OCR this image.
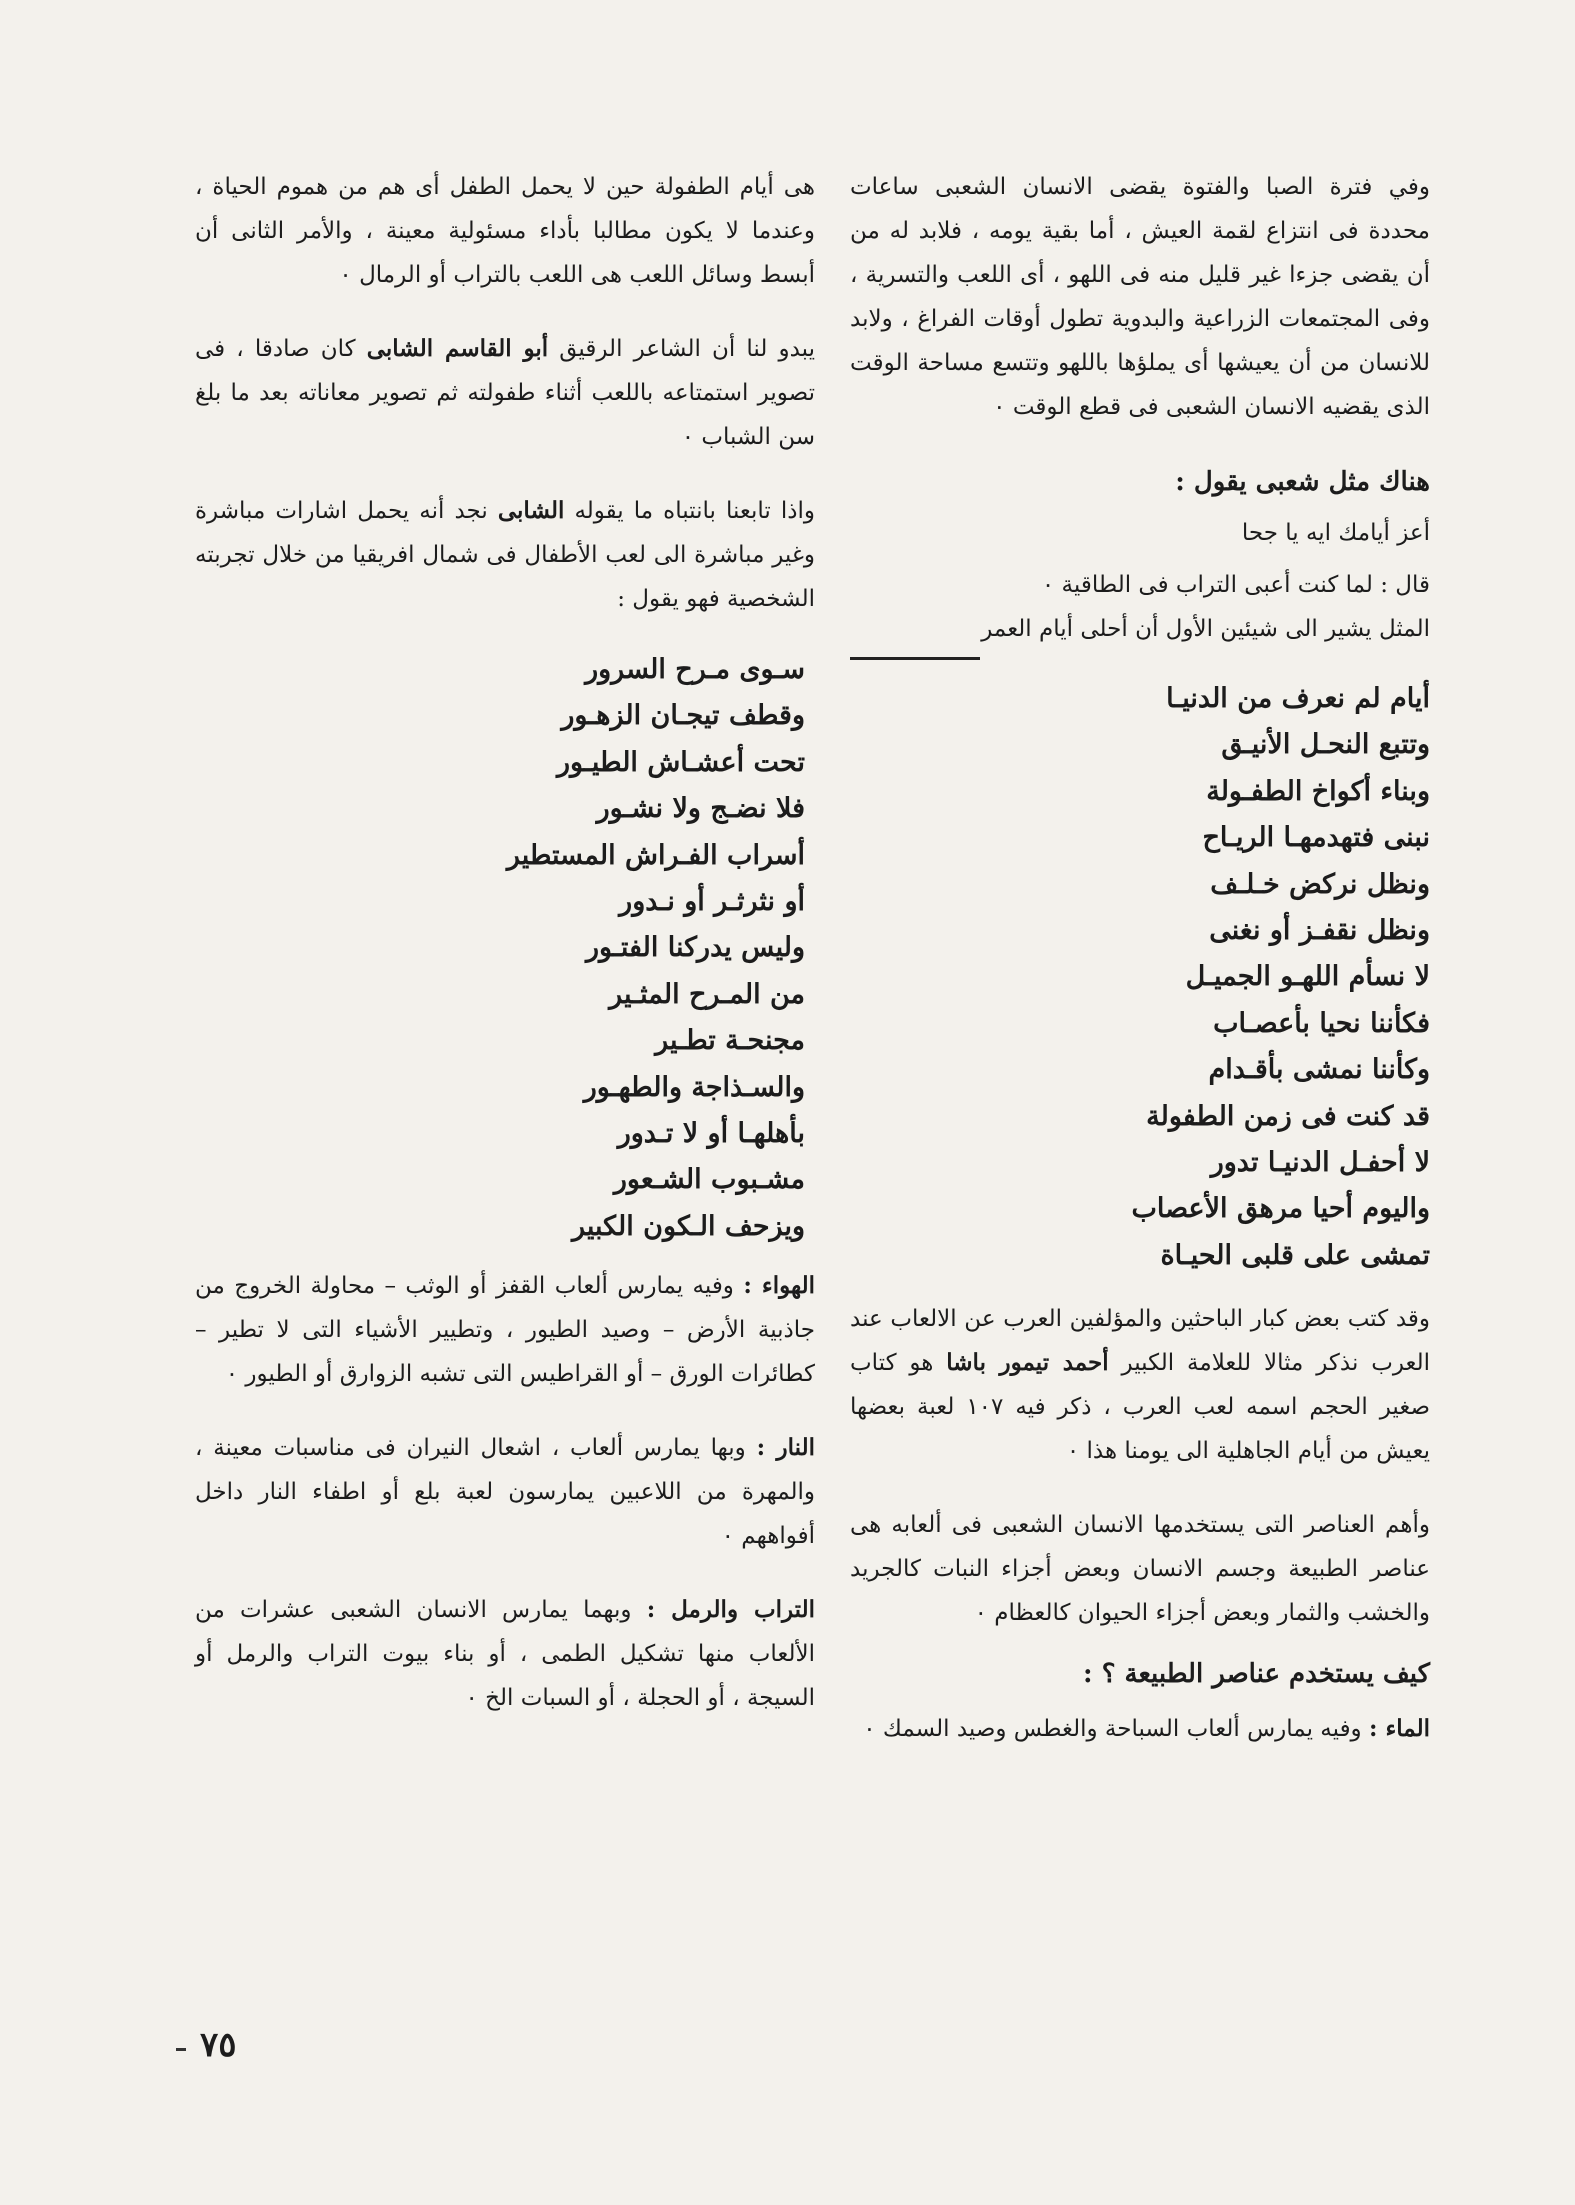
وفي فترة الصبا والفتوة يقضى الانسان الشعبى ساعات محددة فى انتزاع لقمة العيش ، أما بقية يومه ، فلابد له من أن يقضى جزءا غير قليل منه فى اللهو ، أى اللعب والتسرية ، وفى المجتمعات الزراعية والبدوية تطول أوقات الفراغ ، ولابد للانسان من أن يعيشها أى يملؤها باللهو وتتسع مساحة الوقت الذى يقضيه الانسان الشعبى فى قطع الوقت ٠

هناك مثل شعبى يقول :

أعز أيامك ايه يا جحا

قال : لما كنت أعبى التراب فى الطاقية ٠

المثل يشير الى شيئين الأول أن أحلى أيام العمر

أيام لم نعرف من الدنيـا
وتتبع النحـل الأنيـق
وبناء أكواخ الطفـولة
نبنى فتهدمهـا الريـاح
ونظل نركض خـلـف
ونظل نقفـز أو نغنى
لا نسأم اللهـو الجميـل
فكأننا نحيا بأعصـاب
وكأننا نمشى بأقـدام
قد كنت فى زمن الطفولة
لا أحفـل الدنيـا تدور
واليوم أحيا مرهق الأعصاب
تمشى على قلبى الحيـاة

وقد كتب بعض كبار الباحثين والمؤلفين العرب عن الالعاب عند العرب نذكر مثالا للعلامة الكبير أحمد تيمور باشا هو كتاب صغير الحجم اسمه لعب العرب ، ذكر فيه ١٠٧ لعبة بعضها يعيش من أيام الجاهلية الى يومنا هذا ٠

وأهم العناصر التى يستخدمها الانسان الشعبى فى ألعابه هى عناصر الطبيعة وجسم الانسان وبعض أجزاء النبات كالجريد والخشب والثمار وبعض أجزاء الحيوان كالعظام ٠

كيف يستخدم عناصر الطبيعة ؟ :

الماء : وفيه يمارس ألعاب السباحة والغطس وصيد السمك ٠

هى أيام الطفولة حين لا يحمل الطفل أى هم من هموم الحياة ، وعندما لا يكون مطالبا بأداء مسئولية معينة ، والأمر الثانى أن أبسط وسائل اللعب هى اللعب بالتراب أو الرمال ٠

يبدو لنا أن الشاعر الرقيق أبو القاسم الشابى كان صادقا ، فى تصوير استمتاعه باللعب أثناء طفولته ثم تصوير معاناته بعد ما بلغ سن الشباب ٠

واذا تابعنا بانتباه ما يقوله الشابى نجد أنه يحمل اشارات مباشرة وغير مباشرة الى لعب الأطفال فى شمال افريقيا من خلال تجربته الشخصية فهو يقول :

سـوى مـرح السرور
وقطف تيجـان الزهـور
تحت أعشـاش الطيـور
فلا نضـج ولا نشـور
أسراب الفـراش المستطير
أو نثرثـر أو نـدور
وليس يدركنا الفتـور
من المـرح المثـير
مجنحـة تطـير
والسـذاجة والطهـور
بأهلهـا أو لا تـدور
مشـبوب الشـعور
ويزحف الـكون الكبير

الهواء : وفيه يمارس ألعاب القفز أو الوثب – محاولة الخروج من جاذبية الأرض – وصيد الطيور ، وتطيير الأشياء التى لا تطير – كطائرات الورق – أو القراطيس التى تشبه الزوارق أو الطيور ٠

النار : وبها يمارس ألعاب ، اشعال النيران فى مناسبات معينة ، والمهرة من اللاعبين يمارسون لعبة بلع أو اطفاء النار داخل أفواههم ٠

التراب والرمل : وبهما يمارس الانسان الشعبى عشرات من الألعاب منها تشكيل الطمى ، أو بناء بيوت التراب والرمل أو السيجة ، أو الحجلة ، أو السبات الخ ٠

٧٥
